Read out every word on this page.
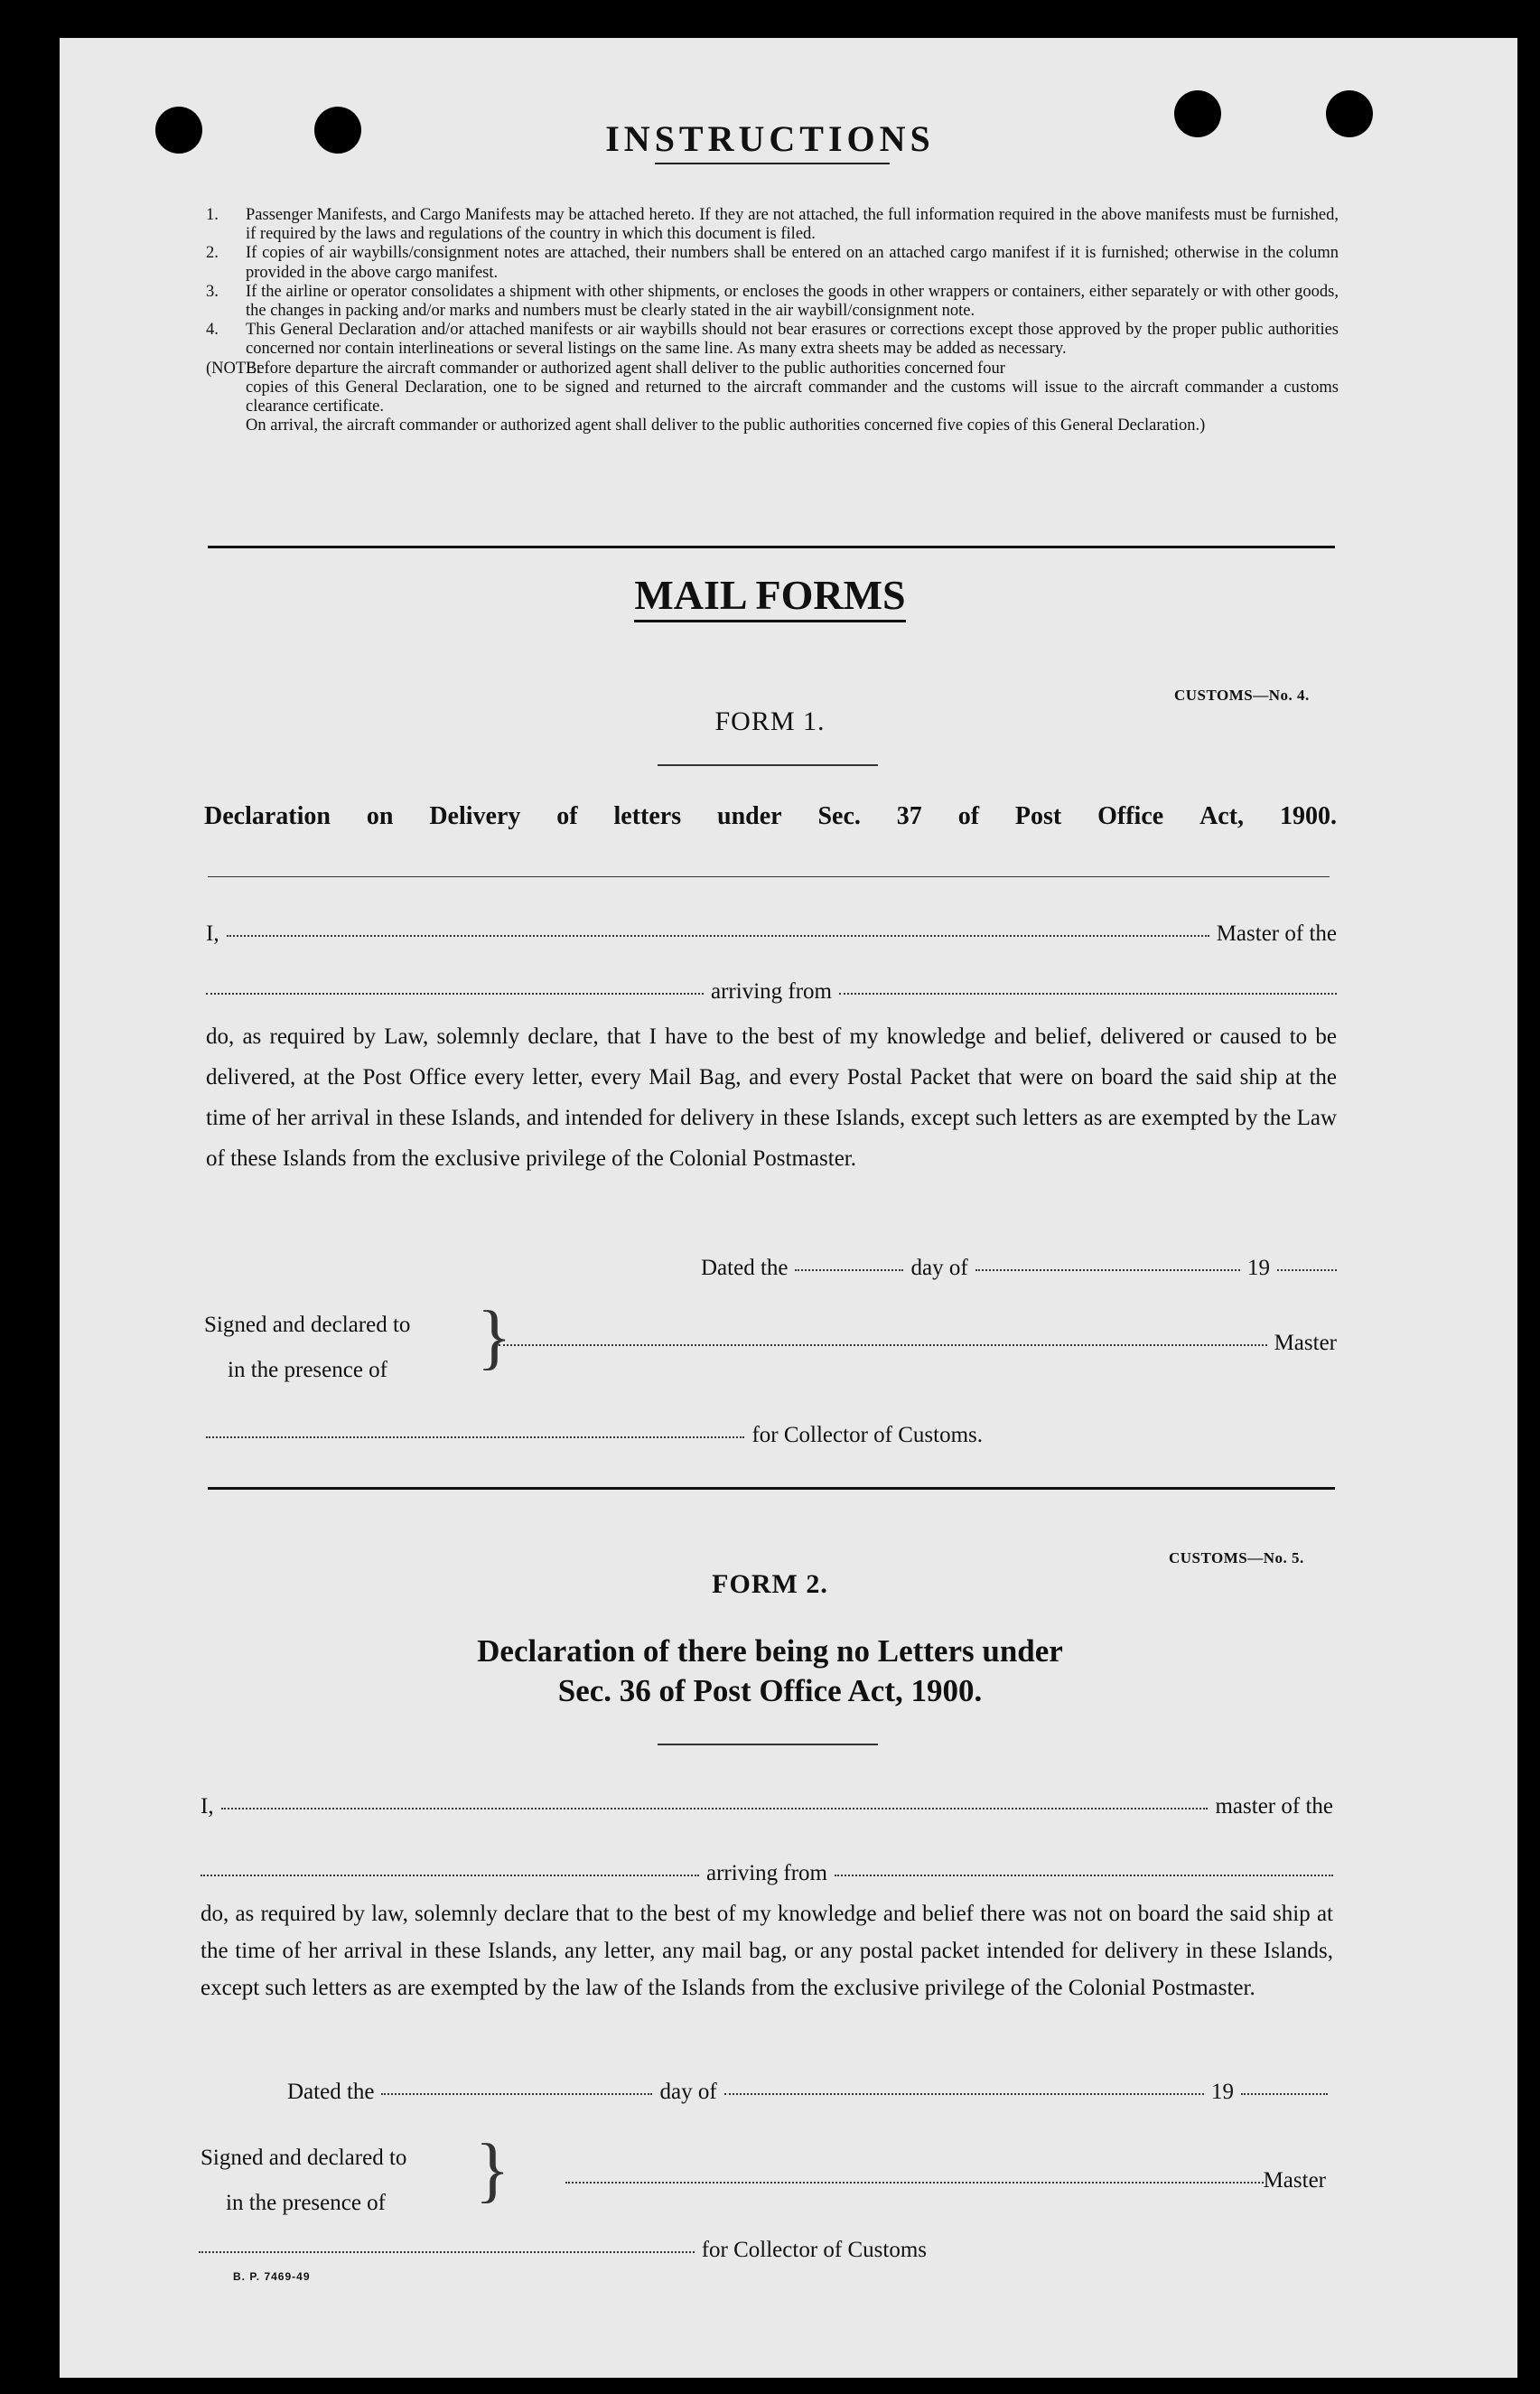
INSTRUCTIONS
1.	Passenger Manifests, and Cargo Manifests may be attached hereto. If they are not attached, the full information required in the above manifests must be furnished, if required by the laws and regulations of the country in which this document is filed.
2.	If copies of air waybills/consignment notes are attached, their numbers shall be entered on an attached cargo manifest if it is furnished; otherwise in the column provided in the above cargo manifest.
3.	If the airline or operator consolidates a shipment with other shipments, or encloses the goods in other wrappers or containers, either separately or with other goods, the changes in packing and/or marks and numbers must be clearly stated in the air waybill/consignment note.
4.	This General Declaration and/or attached manifests or air waybills should not bear erasures or corrections except those approved by the proper public authorities concerned nor contain interlineations or several listings on the same line. As many extra sheets may be added as necessary.
(NOTE:
Before departure the aircraft commander or authorized agent shall deliver to the public authorities concerned four
copies of this General Declaration, one to be signed and returned to the aircraft commander and the customs will issue to the aircraft commander a customs clearance certificate.
On arrival, the aircraft commander or authorized agent shall deliver to the public authorities concerned five copies of this General Declaration.)
MAIL FORMS
CUSTOMS—No. 4.
FORM 1.
Declaration on Delivery of letters under Sec. 37 of Post Office Act, 1900.
I,	Master of the
arriving from
do, as required by Law, solemnly declare, that I have to the best of my knowledge and belief, delivered or caused to be delivered, at the Post Office every letter, every Mail Bag, and every Postal Packet that were on board the said ship at the time of her arrival in these Islands, and intended for delivery in these Islands, except such letters as are exempted by the Law of these Islands from the exclusive privilege of the Colonial Postmaster.
Dated the	day of	19
Signed and declared to
in the presence of	}	Master
for Collector of Customs.
CUSTOMS—No. 5.
FORM 2.
Declaration of there being no Letters under
Sec. 36 of Post Office Act, 1900.
I,	master of the
arriving from
do, as required by law, solemnly declare that to the best of my knowledge and belief there was not on board the said ship at the time of her arrival in these Islands, any letter, any mail bag, or any postal packet intended for delivery in these Islands, except such letters as are exempted by the law of the Islands from the exclusive privilege of the Colonial Postmaster.
Dated the	day of	19
Signed and declared to
in the presence of }	Master
for Collector of Customs
B. P. 7469-49
